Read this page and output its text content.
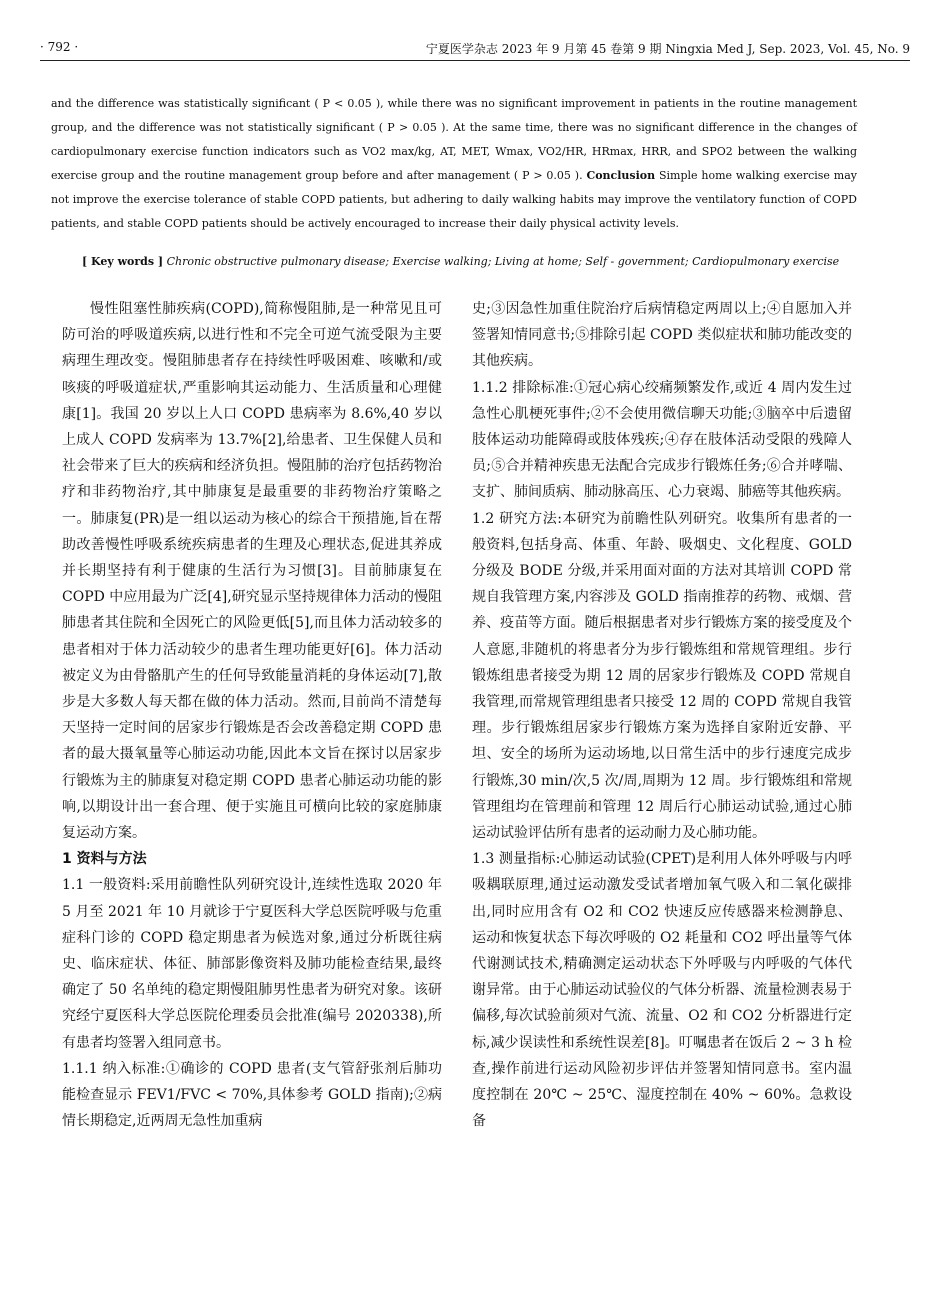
· 792 ·	宁夏医学杂志 2023 年 9 月第 45 卷第 9 期 Ningxia Med J, Sep. 2023, Vol. 45, No. 9

and the difference was statistically significant ( P < 0.05 ), while there was no significant improvement in patients in the routine management group, and the difference was not statistically significant ( P > 0.05 ). At the same time, there was no significant difference in the changes of cardiopulmonary exercise function indicators such as VO2 max/kg, AT, MET, Wmax, VO2/HR, HRmax, HRR, and SPO2 between the walking exercise group and the routine management group before and after management ( P > 0.05 ). Conclusion Simple home walking exercise may not improve the exercise tolerance of stable COPD patients, but adhering to daily walking habits may improve the ventilatory function of COPD patients, and stable COPD patients should be actively encouraged to increase their daily physical activity levels.

[ Key words ] Chronic obstructive pulmonary disease; Exercise walking; Living at home; Self - government; Cardiopulmonary exercise

慢性阻塞性肺疾病(COPD),简称慢阻肺,是一种常见且可防可治的呼吸道疾病,以进行性和不完全可逆气流受限为主要病理生理改变。慢阻肺患者存在持续性呼吸困难、咳嗽和/或咳痰的呼吸道症状,严重影响其运动能力、生活质量和心理健康[1]。我国 20 岁以上人口 COPD 患病率为 8.6%,40 岁以上成人 COPD 发病率为 13.7%[2],给患者、卫生保健人员和社会带来了巨大的疾病和经济负担。慢阻肺的治疗包括药物治疗和非药物治疗,其中肺康复是最重要的非药物治疗策略之一。肺康复(PR)是一组以运动为核心的综合干预措施,旨在帮助改善慢性呼吸系统疾病患者的生理及心理状态,促进其养成并长期坚持有利于健康的生活行为习惯[3]。目前肺康复在 COPD 中应用最为广泛[4],研究显示坚持规律体力活动的慢阻肺患者其住院和全因死亡的风险更低[5],而且体力活动较多的患者相对于体力活动较少的患者生理功能更好[6]。体力活动被定义为由骨骼肌产生的任何导致能量消耗的身体运动[7],散步是大多数人每天都在做的体力活动。然而,目前尚不清楚每天坚持一定时间的居家步行锻炼是否会改善稳定期 COPD 患者的最大摄氧量等心肺运动功能,因此本文旨在探讨以居家步行锻炼为主的肺康复对稳定期 COPD 患者心肺运动功能的影响,以期设计出一套合理、便于实施且可横向比较的家庭肺康复运动方案。

1 资料与方法

1.1 一般资料:采用前瞻性队列研究设计,连续性选取 2020 年 5 月至 2021 年 10 月就诊于宁夏医科大学总医院呼吸与危重症科门诊的 COPD 稳定期患者为候选对象,通过分析既往病史、临床症状、体征、肺部影像资料及肺功能检查结果,最终确定了 50 名单纯的稳定期慢阻肺男性患者为研究对象。该研究经宁夏医科大学总医院伦理委员会批准(编号 2020338),所有患者均签署入组同意书。

1.1.1 纳入标准:①确诊的 COPD 患者(支气管舒张剂后肺功能检查显示 FEV1/FVC < 70%,具体参考 GOLD 指南);②病情长期稳定,近两周无急性加重病

史;③因急性加重住院治疗后病情稳定两周以上;④自愿加入并签署知情同意书;⑤排除引起 COPD 类似症状和肺功能改变的其他疾病。

1.1.2 排除标准:①冠心病心绞痛频繁发作,或近 4 周内发生过急性心肌梗死事件;②不会使用微信聊天功能;③脑卒中后遗留肢体运动功能障碍或肢体残疾;④存在肢体活动受限的残障人员;⑤合并精神疾患无法配合完成步行锻炼任务;⑥合并哮喘、支扩、肺间质病、肺动脉高压、心力衰竭、肺癌等其他疾病。

1.2 研究方法:本研究为前瞻性队列研究。收集所有患者的一般资料,包括身高、体重、年龄、吸烟史、文化程度、GOLD 分级及 BODE 分级,并采用面对面的方法对其培训 COPD 常规自我管理方案,内容涉及 GOLD 指南推荐的药物、戒烟、营养、疫苗等方面。随后根据患者对步行锻炼方案的接受度及个人意愿,非随机的将患者分为步行锻炼组和常规管理组。步行锻炼组患者接受为期 12 周的居家步行锻炼及 COPD 常规自我管理,而常规管理组患者只接受 12 周的 COPD 常规自我管理。步行锻炼组居家步行锻炼方案为选择自家附近安静、平坦、安全的场所为运动场地,以日常生活中的步行速度完成步行锻炼,30 min/次,5 次/周,周期为 12 周。步行锻炼组和常规管理组均在管理前和管理 12 周后行心肺运动试验,通过心肺运动试验评估所有患者的运动耐力及心肺功能。

1.3 测量指标:心肺运动试验(CPET)是利用人体外呼吸与内呼吸耦联原理,通过运动激发受试者增加氧气吸入和二氧化碳排出,同时应用含有 O2 和 CO2 快速反应传感器来检测静息、运动和恢复状态下每次呼吸的 O2 耗量和 CO2 呼出量等气体代谢测试技术,精确测定运动状态下外呼吸与内呼吸的气体代谢异常。由于心肺运动试验仪的气体分析器、流量检测表易于偏移,每次试验前须对气流、流量、O2 和 CO2 分析器进行定标,减少误读性和系统性误差[8]。叮嘱患者在饭后 2 ~ 3 h 检查,操作前进行运动风险初步评估并签署知情同意书。室内温度控制在 20℃ ~ 25℃、湿度控制在 40% ~ 60%。急救设备
